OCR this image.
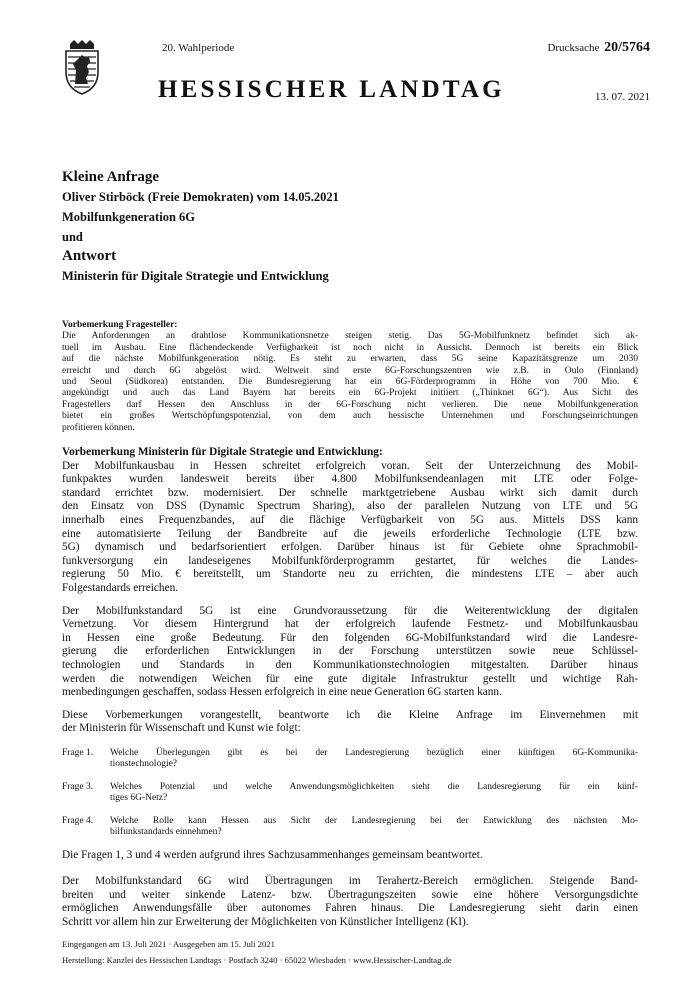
20. Wahlperiode	Drucksache 20/5764
HESSISCHER LANDTAG	13. 07. 2021
Kleine Anfrage
Oliver Stirböck (Freie Demokraten) vom 14.05.2021
Mobilfunkgeneration 6G
und
Antwort
Ministerin für Digitale Strategie und Entwicklung

Vorbemerkung Fragesteller:

Die Anforderungen an drahtlose Kommunikationsnetze steigen stetig. Das 5G-Mobilfunknetz befindet sich ak-
tuell im Ausbau. Eine flächendeckende Verfügbarkeit ist noch nicht in Aussicht. Dennoch ist bereits ein Blick
auf die nächste Mobilfunkgeneration nötig. Es steht zu erwarten, dass 5G seine Kapazitätsgrenze um 2030
erreicht und durch 6G abgelöst wird. Weltweit sind erste 6G-Forschungszentren wie z.B. in Oulo (Finnland)
und Seoul (Südkorea) entstanden. Die Bundesregierung hat ein 6G-Förderprogramm in Höhe von 700 Mio. €
angekündigt und auch das Land Bayern hat bereits ein 6G-Projekt initiiert („Thinknet 6G“). Aus Sicht des
Fragestellers darf Hessen den Anschluss in der 6G-Forschung nicht verlieren. Die neue Mobilfunkgeneration
bietet ein großes Wertschöpfungspotenzial, von dem auch hessische Unternehmen und Forschungseinrichtungen
profitieren können.

Vorbemerkung Ministerin für Digitale Strategie und Entwicklung:

Der Mobilfunkausbau in Hessen schreitet erfolgreich voran. Seit der Unterzeichnung des Mobil-
funkpaktes wurden landesweit bereits über 4.800 Mobilfunksendeanlagen mit LTE oder Folge-
standard errichtet bzw. modernisiert. Der schnelle marktgetriebene Ausbau wirkt sich damit durch
den Einsatz von DSS (Dynamic Spectrum Sharing), also der parallelen Nutzung von LTE und 5G
innerhalb eines Frequenzbandes, auf die flächige Verfügbarkeit von 5G aus. Mittels DSS kann
eine automatisierte Teilung der Bandbreite auf die jeweils erforderliche Technologie (LTE bzw.
5G) dynamisch und bedarfsorientiert erfolgen. Darüber hinaus ist für Gebiete ohne Sprachmobil-
funkversorgung ein landeseigenes Mobilfunkförderprogramm gestartet, für welches die Landes-
regierung 50 Mio. € bereitstellt, um Standorte neu zu errichten, die mindestens LTE – aber auch
Folgestandards erreichen.
Der Mobilfunkstandard 5G ist eine Grundvoraussetzung für die Weiterentwicklung der digitalen
Vernetzung. Vor diesem Hintergrund hat der erfolgreich laufende Festnetz- und Mobilfunkausbau
in Hessen eine große Bedeutung. Für den folgenden 6G-Mobilfunkstandard wird die Landesre-
gierung die erforderlichen Entwicklungen in der Forschung unterstützen sowie neue Schlüssel-
technologien und Standards in den Kommunikationstechnologien mitgestalten. Darüber hinaus
werden die notwendigen Weichen für eine gute digitale Infrastruktur gestellt und wichtige Rah-
menbedingungen geschaffen, sodass Hessen erfolgreich in eine neue Generation 6G starten kann.
Diese Vorbemerkungen vorangestellt, beantworte ich die Kleine Anfrage im Einvernehmen mit
der Ministerin für Wissenschaft und Kunst wie folgt:
Frage 1.	Welche Überlegungen gibt es bei der Landesregierung bezüglich einer künftigen 6G-Kommunika-
tionstechnologie?
Frage 3.	Welches Potenzial und welche Anwendungsmöglichkeiten sieht die Landesregierung für ein künf-
tiges 6G-Netz?
Frage 4.	Welche Rolle kann Hessen aus Sicht der Landesregierung bei der Entwicklung des nächsten Mo-
bilfunkstandards einnehmen?
Die Fragen 1, 3 und 4 werden aufgrund ihres Sachzusammenhanges gemeinsam beantwortet.
Der Mobilfunkstandard 6G wird Übertragungen im Terahertz-Bereich ermöglichen. Steigende Band-
breiten und weiter sinkende Latenz- bzw. Übertragungszeiten sowie eine höhere Versorgungsdichte
ermöglichen Anwendungsfälle über autonomes Fahren hinaus. Die Landesregierung sieht darin einen
Schritt vor allem hin zur Erweiterung der Möglichkeiten von Künstlicher Intelligenz (KI).
Eingegangen am 13. Juli 2021 · Ausgegeben am 15. Juli 2021
Herstellung: Kanzlei des Hessischen Landtags · Postfach 3240 · 65022 Wiesbaden · www.Hessischer-Landtag.de
